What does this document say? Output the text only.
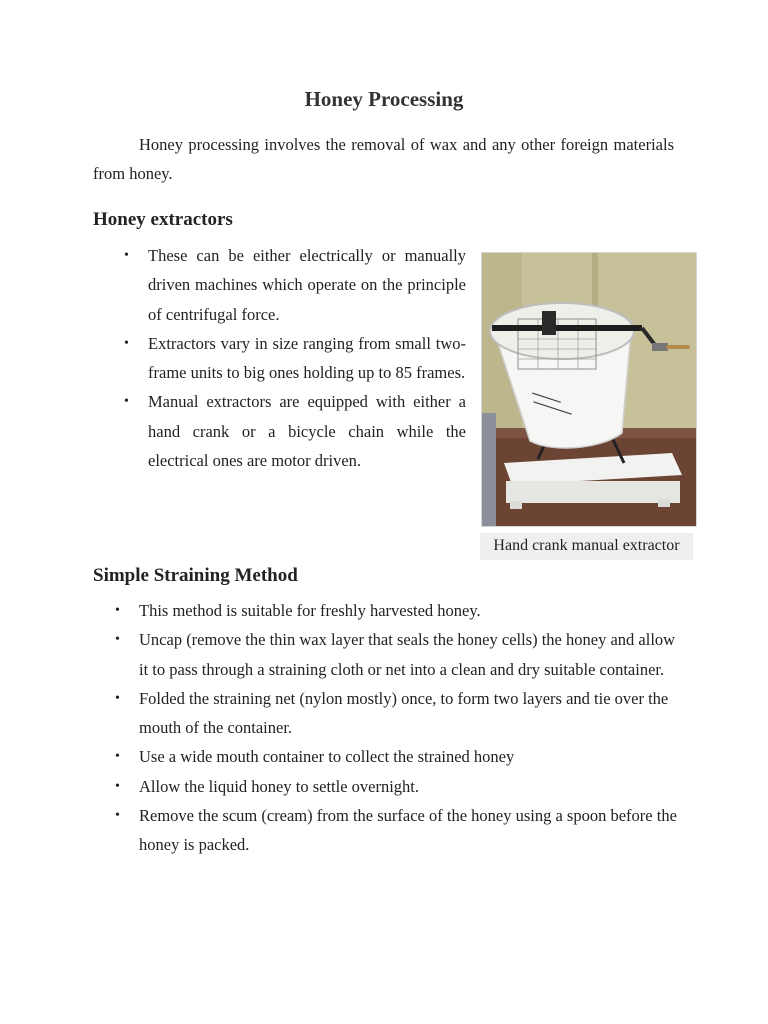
Honey Processing

Honey processing involves the removal of wax and any other foreign materials from honey.

Honey extractors
• These can be either electrically or manually driven machines which operate on the principle of centrifugal force.
• Extractors vary in size ranging from small two- frame units to big ones holding up to 85 frames.
• Manual extractors are equipped with either a hand crank or a bicycle chain while the electrical ones are motor driven.
Hand crank manual extractor
Simple Straining Method
• This method is suitable for freshly harvested honey.
• Uncap (remove the thin wax layer that seals the honey cells) the honey and allow it to pass through a straining cloth or net into a clean and dry suitable container.
• Folded the straining net (nylon mostly) once, to form two layers and tie over the mouth of the container.
• Use a wide mouth container to collect the strained honey
• Allow the liquid honey to settle overnight.
• Remove the scum (cream) from the surface of the honey using a spoon before the honey is packed.
